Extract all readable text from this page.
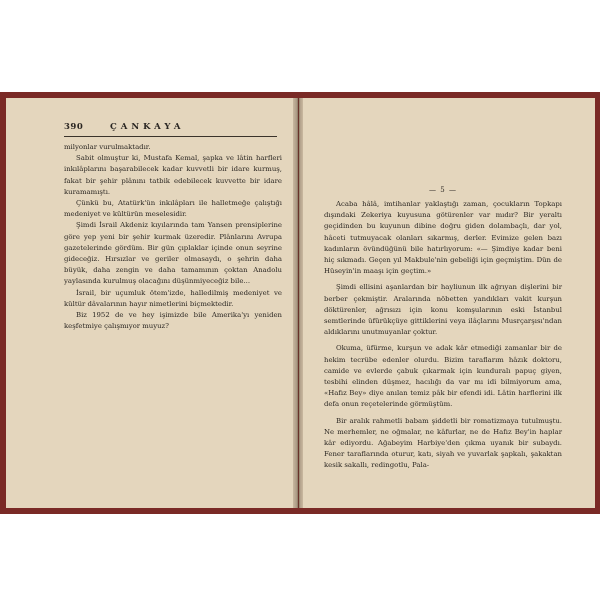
390	ÇANKAYA

milyonlar vurulmaktadır.

Sabit olmuştur ki, Mustafa Kemal, şapka ve lâtin harfleri inkılâplarını başarabilecek kadar kuvvetli bir idare kurmuş, fakat bir şehir plânını tatbik edebilecek kuvvette bir idare kuramamıştı.

Çünkü bu, Atatürk'ün inkılâpları ile halletmeğe çalıştığı medeniyet ve kültürün meselesidir.

Şimdi İsrail Akdeniz kıyılarında tam Yansen prensiplerine göre yep yeni bir şehir kurmak üzeredir. Plânlarını Avrupa gazetelerinde gördüm. Bir gün çıplaklar içinde onun seyrine gideceğiz. Hırsızlar ve geriler olmasaydı, o şehrin daha büyük, daha zengin ve daha tamamının çoktan Anadolu yaylasında kurulmuş olacağını düşünmiyeceğiz bile...

İsrail, bir uçumluk ötem'izde, halledilmiş medeniyet ve kültür dâvalarının hayır nimetlerini biçmektedir.

Biz 1952 de ve hey işimizde bile Amerika'yı yeniden keşfetmiye çalışmıyor muyuz?

— 5 —

Acaba hâlâ, imtihanlar yaklaştığı zaman, çocukların Topkapı dışındaki Zekeriya kuyusuna götürenler var mıdır? Bir yeraltı geçidinden bu kuyunun dibine doğru giden dolambaçlı, dar yol, hâceti tutmuyacak olanları sıkarmış, derler. Evimize gelen bazı kadınların övündüğünü bile hatırlıyorum: «— Şimdiye kadar beni hiç sıkmadı. Geçen yıl Makbule'nin gebeliği için geçmiştim. Dün de Hüseyin'in maaşı için geçtim.»

Şimdi ellisini aşanlardan bir hayliunun ilk ağrıyan dişlerini bir berber çekmiştir. Aralarında nöbetten yandıkları vakit kurşun döktürenler, ağrısızı için konu komşularının eski İstanbul semtlerinde üfürükçüye gittiklerini veya ilâçlarını Musrçarşısı'ndan aldıklarını unutmuyanlar çoktur.

Okuma, üfürme, kurşun ve adak kâr etmediği zamanlar bir de hekim tecrübe edenler olurdu. Bizim taraflarım hâzık doktoru, camide ve evlerde çabuk çıkarmak için kunduralı papuç giyen, tesbihi elinden düşmez, hacılığı da var mı idi bilmiyorum ama, «Hafız Bey» diye anılan temiz pâk bir efendi idi. Lâtin harflerini ilk defa onun reçetelerinde görmüştüm.

Bir aralık rahmetli babam şiddetli bir romatizmaya tutulmuştu. Ne merhemler, ne oğmalar, ne kâfurlar, ne de Hafız Bey'in haplar kâr ediyordu. Ağabeyim Harbiye'den çıkma uyanık bir subaydı. Fener taraflarında oturur, katı, siyah ve yuvarlak şapkalı, şakaktan kesik sakallı, redingotlu, Pala-
